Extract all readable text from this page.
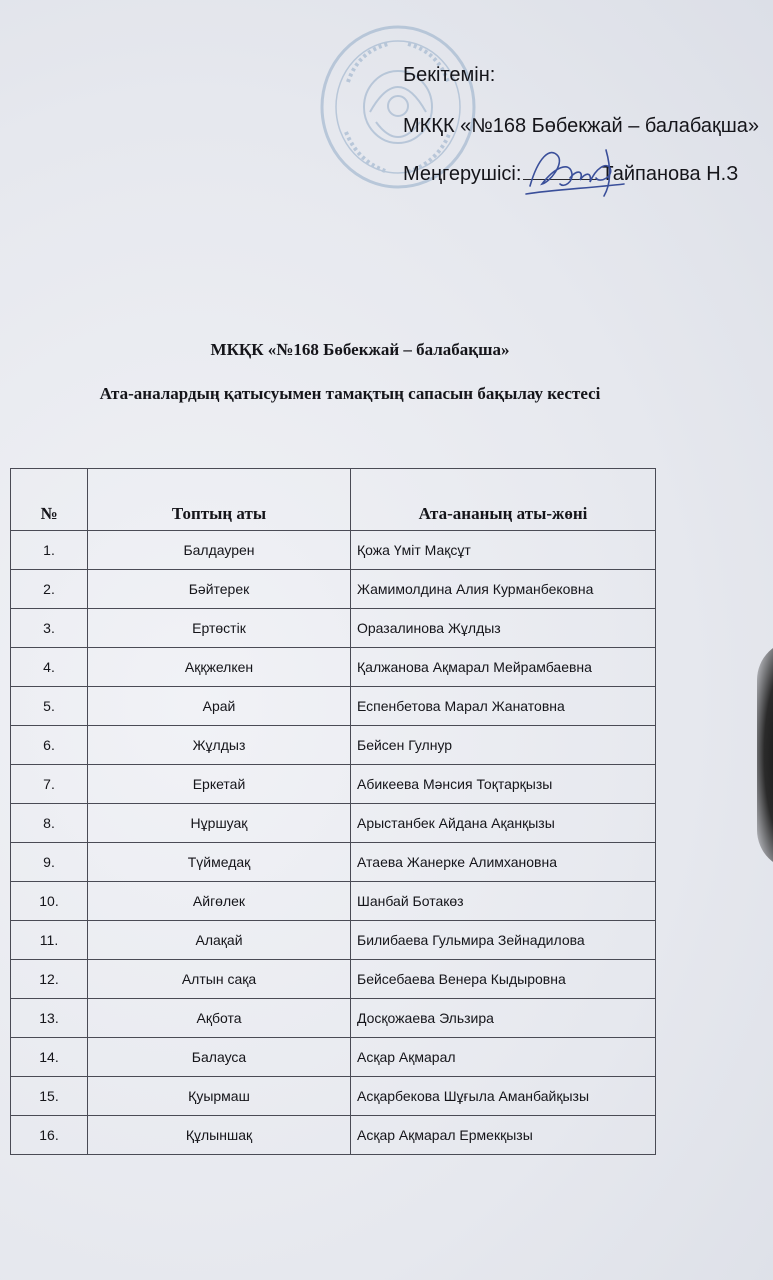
Бекітемін:
МКҚК «№168 Бөбекжай – балабақша»
Меңгерушісі:	Тайпанова Н.З
МКҚК «№168 Бөбекжай – балабақша»
Ата-аналардың қатысуымен тамақтың сапасын бақылау кестесі
№	Топтың аты	Ата-ананың аты-жөні
1.	Балдаурен	Қожа Үміт Мақсұт
2.	Бәйтерек	Жамимолдина Алия Курманбековна
3.	Ертөстік	Оразалинова Жұлдыз
4.	Аққжелкен	Қалжанова Ақмарал Мейрамбаевна
5.	Арай	Еспенбетова Марал Жанатовна
6.	Жұлдыз	Бейсен Гулнур
7.	Еркетай	Абикеева Мәнсия Тоқтарқызы
8.	Нұршуақ	Арыстанбек Айдана Ақанқызы
9.	Түймедақ	Атаева Жанерке Алимхановна
10.	Айгөлек	Шанбай Ботакөз
11.	Алақай	Билибаева Гульмира Зейнадилова
12.	Алтын сақа	Бейсебаева Венера Кыдыровна
13.	Ақбота	Досқожаева Эльзира
14.	Балауса	Асқар Ақмарал
15.	Қуырмаш	Асқарбекова Шұғыла Аманбайқызы
16.	Құлыншақ	Асқар Ақмарал Ермекқызы
